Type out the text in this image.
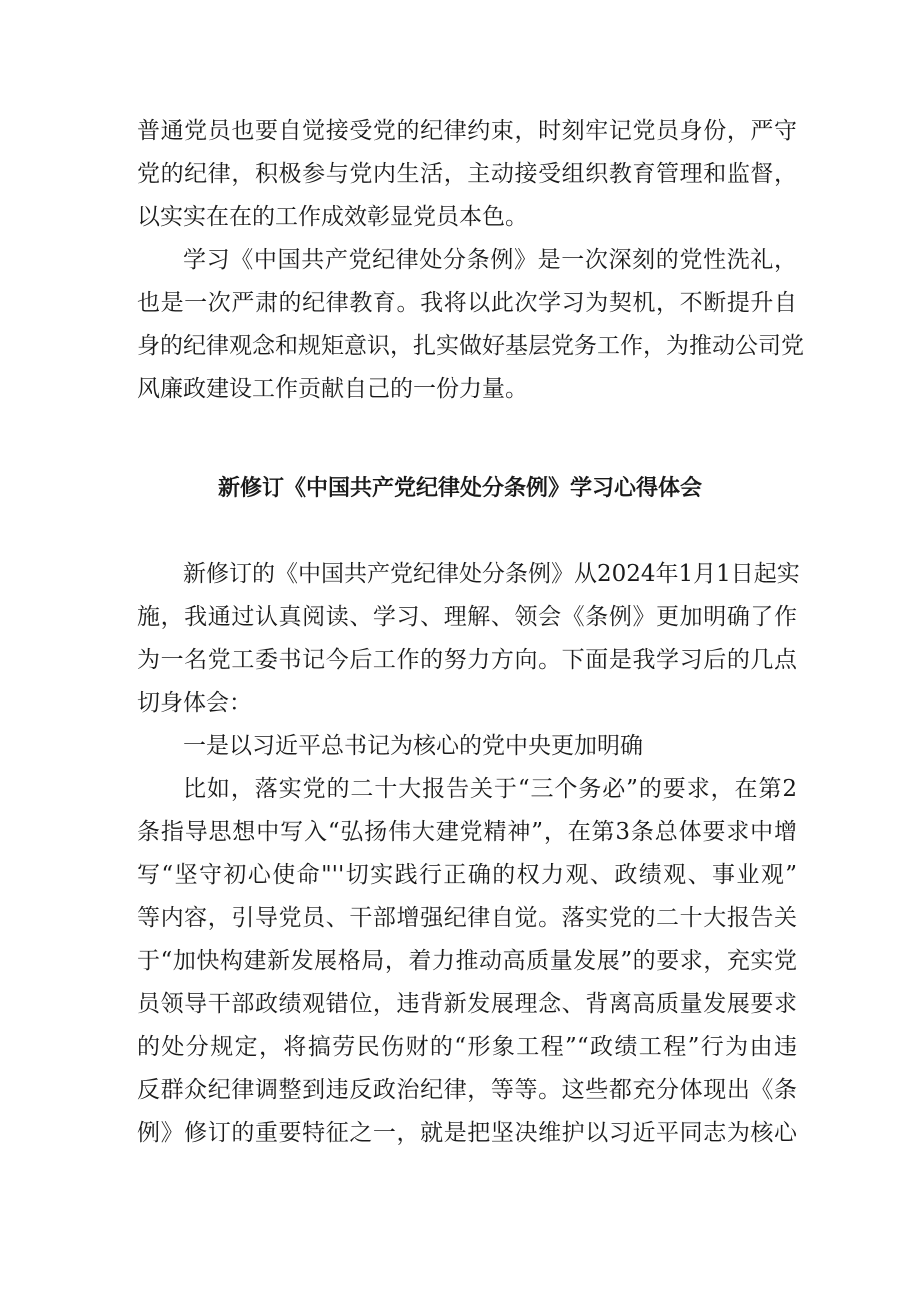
普通党员也要自觉接受党的纪律约束，时刻牢记党员身份，严守

党的纪律，积极参与党内生活，主动接受组织教育管理和监督，

以实实在在的工作成效彰显党员本色。

学习《中国共产党纪律处分条例》是一次深刻的党性洗礼，

也是一次严肃的纪律教育。我将以此次学习为契机，不断提升自

身的纪律观念和规矩意识，扎实做好基层党务工作，为推动公司党

风廉政建设工作贡献自己的一份力量。

新修订《中国共产党纪律处分条例》学习心得体会

新修订的《中国共产党纪律处分条例》从2024年1月1日起实

施，我通过认真阅读、学习、理解、领会《条例》更加明确了作

为一名党工委书记今后工作的努力方向。下面是我学习后的几点

切身体会：

一是以习近平总书记为核心的党中央更加明确

比如，落实党的二十大报告关于“三个务必”的要求，在第2

条指导思想中写入“弘扬伟大建党精神”，在第3条总体要求中增

写“坚守初心使命"''切实践行正确的权力观、政绩观、事业观”

等内容，引导党员、干部增强纪律自觉。落实党的二十大报告关

于“加快构建新发展格局，着力推动高质量发展”的要求，充实党

员领导干部政绩观错位，违背新发展理念、背离高质量发展要求

的处分规定，将搞劳民伤财的“形象工程”“政绩工程”行为由违

反群众纪律调整到违反政治纪律，等等。这些都充分体现出《条

例》修订的重要特征之一，就是把坚决维护以习近平同志为核心
